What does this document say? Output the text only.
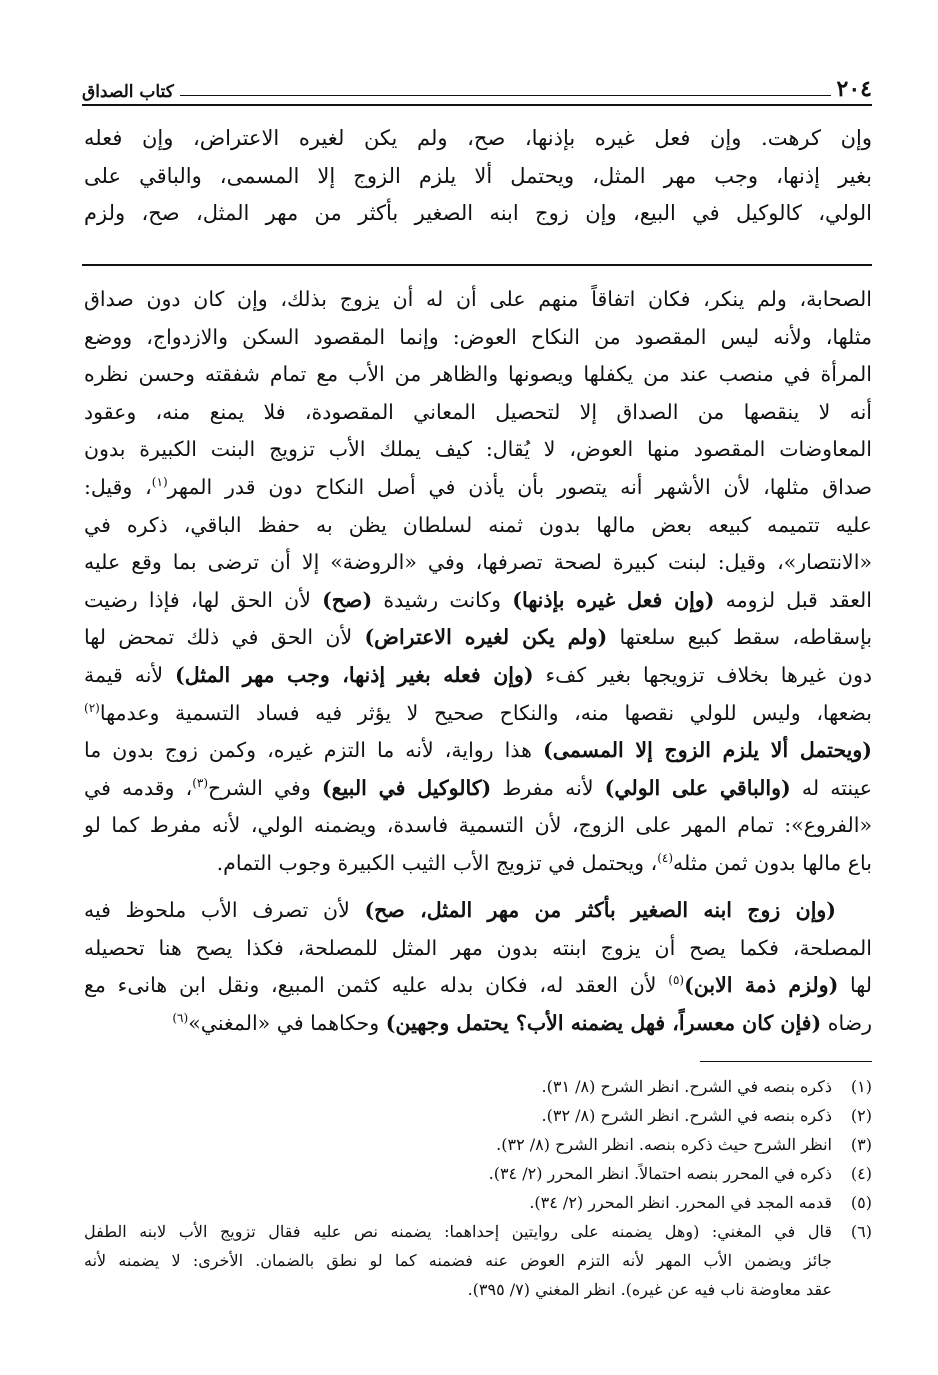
٢٠٤
كتاب الصداق
وإن كرهت. وإن فعل غيره بإذنها، صح، ولم يكن لغيره الاعتراض، وإن فعله
بغير إذنها، وجب مهر المثل، ويحتمل ألا يلزم الزوج إلا المسمى، والباقي على
الولي، كالوكيل في البيع، وإن زوج ابنه الصغير بأكثر من مهر المثل، صح، ولزم
الصحابة، ولم ينكر، فكان اتفاقاً منهم على أن له أن يزوج بذلك، وإن كان دون صداق
مثلها، ولأنه ليس المقصود من النكاح العوض: وإنما المقصود السكن والازدواج، ووضع
المرأة في منصب عند من يكفلها ويصونها والظاهر من الأب مع تمام شفقته وحسن نظره
أنه لا ينقصها من الصداق إلا لتحصيل المعاني المقصودة، فلا يمنع منه، وعقود
المعاوضات المقصود منها العوض، لا يُقال: كيف يملك الأب تزويج البنت الكبيرة بدون
صداق مثلها، لأن الأشهر أنه يتصور بأن يأذن في أصل النكاح دون قدر المهر$^{(١)}$، وقيل:
عليه تتميمه كبيعه بعض مالها بدون ثمنه لسلطان يظن به حفظ الباقي، ذكره في
«الانتصار»، وقيل: لبنت كبيرة لصحة تصرفها، وفي «الروضة» إلا أن ترضى بما وقع عليه
العقد قبل لزومه (وإن فعل غيره بإذنها) وكانت رشيدة (صح) لأن الحق لها، فإذا رضيت
بإسقاطه، سقط كبيع سلعتها (ولم يكن لغيره الاعتراض) لأن الحق في ذلك تمحض لها
دون غيرها بخلاف تزويجها بغير كفء (وإن فعله بغير إذنها، وجب مهر المثل) لأنه قيمة
بضعها، وليس للولي نقصها منه، والنكاح صحيح لا يؤثر فيه فساد التسمية وعدمها$^{(٢)}$
(ويحتمل ألا يلزم الزوج إلا المسمى) هذا رواية، لأنه ما التزم غيره، وكمن زوج بدون ما
عينته له (والباقي على الولي) لأنه مفرط (كالوكيل في البيع) وفي الشرح$^{(٣)}$، وقدمه في
«الفروع»: تمام المهر على الزوج، لأن التسمية فاسدة، ويضمنه الولي، لأنه مفرط كما لو
باع مالها بدون ثمن مثله$^{(٤)}$، ويحتمل في تزويج الأب الثيب الكبيرة وجوب التمام.
(وإن زوج ابنه الصغير بأكثر من مهر المثل، صح) لأن تصرف الأب ملحوظ فيه
المصلحة، فكما يصح أن يزوج ابنته بدون مهر المثل للمصلحة، فكذا يصح هنا تحصيله
لها (ولزم ذمة الابن)$^{(٥)}$ لأن العقد له، فكان بدله عليه كثمن المبيع، ونقل ابن هانىء مع
رضاه (فإن كان معسراً، فهل يضمنه الأب؟ يحتمل وجهين) وحكاهما في «المغني»$^{(٦)}$
(١)
ذكره بنصه في الشرح. انظر الشرح (٨/ ٣١).
(٢)
ذكره بنصه في الشرح. انظر الشرح (٨/ ٣٢).
(٣)
انظر الشرح حيث ذكره بنصه. انظر الشرح (٨/ ٣٢).
(٤)
ذكره في المحرر بنصه احتمالاً. انظر المحرر (٢/ ٣٤).
(٥)
قدمه المجد في المحرر. انظر المحرر (٢/ ٣٤).
(٦)
قال في المغني: (وهل يضمنه على روايتين إحداهما: يضمنه نص عليه فقال تزويج الأب لابنه الطفل
جائز ويضمن الأب المهر لأنه التزم العوض عنه فضمنه كما لو نطق بالضمان. الأخرى: لا يضمنه لأنه
عقد معاوضة ناب فيه عن غيره). انظر المغني (٧/ ٣٩٥).
